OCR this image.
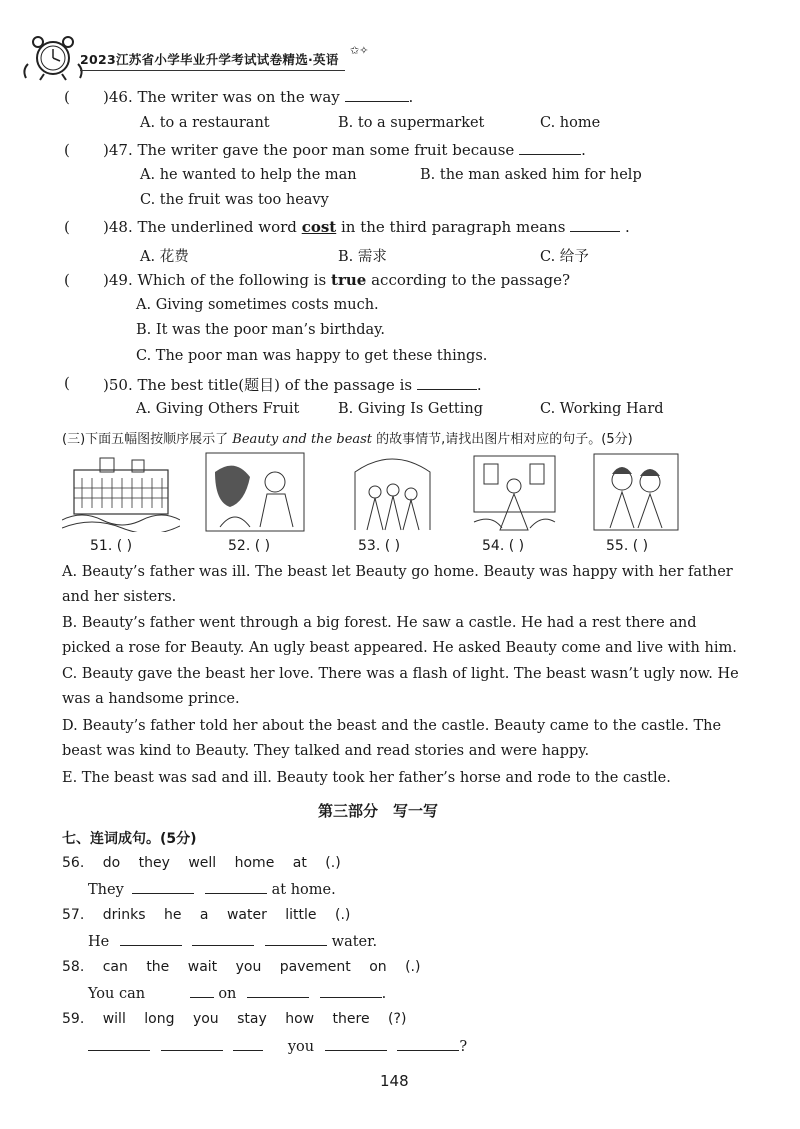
2023江苏省小学毕业升学考试试卷精选·英语
✩✧
( )46. The writer was on the way	.
A. to a restaurant	B. to a supermarket	C. home
( )47. The writer gave the poor man some fruit because	.
A. he wanted to help the man	B. the man asked him for help
C. the fruit was too heavy
( )48. The underlined word cost in the third paragraph means	.
A. 花费	B. 需求	C. 给予
( )49. Which of the following is true according to the passage?
A. Giving sometimes costs much.
B. It was the poor man’s birthday.
C. The poor man was happy to get these things.
( )50. The best title(题目) of the passage is	.
A. Giving Others Fruit	B. Giving Is Getting	C. Working Hard
(三)下面五幅图按顺序展示了 Beauty and the beast 的故事情节,请找出图片相对应的句子。(5分)
51. ( )	52. ( )	53. ( )	54. ( )	55. ( )
A. Beauty’s father was ill. The beast let Beauty go home. Beauty was happy with her father and her sisters.
B. Beauty’s father went through a big forest. He saw a castle. He had a rest there and picked a rose for Beauty. An ugly beast appeared. He asked Beauty come and live with him.
C. Beauty gave the beast her love. There was a flash of light. The beast wasn’t ugly now. He was a handsome prince.
D. Beauty’s father told her about the beast and the castle. Beauty came to the castle. The beast was kind to Beauty. They talked and read stories and were happy.
E. The beast was sad and ill. Beauty took her father’s horse and rode to the castle.
第三部分　写一写
七、连词成句。(5分)
56. do they well home at (.)
They	at home.
57. drinks he a water little (.)
He	water.
58. can the wait you pavement on (.)
You can	on	.
59. will long you stay how there (?)
you	?
148
